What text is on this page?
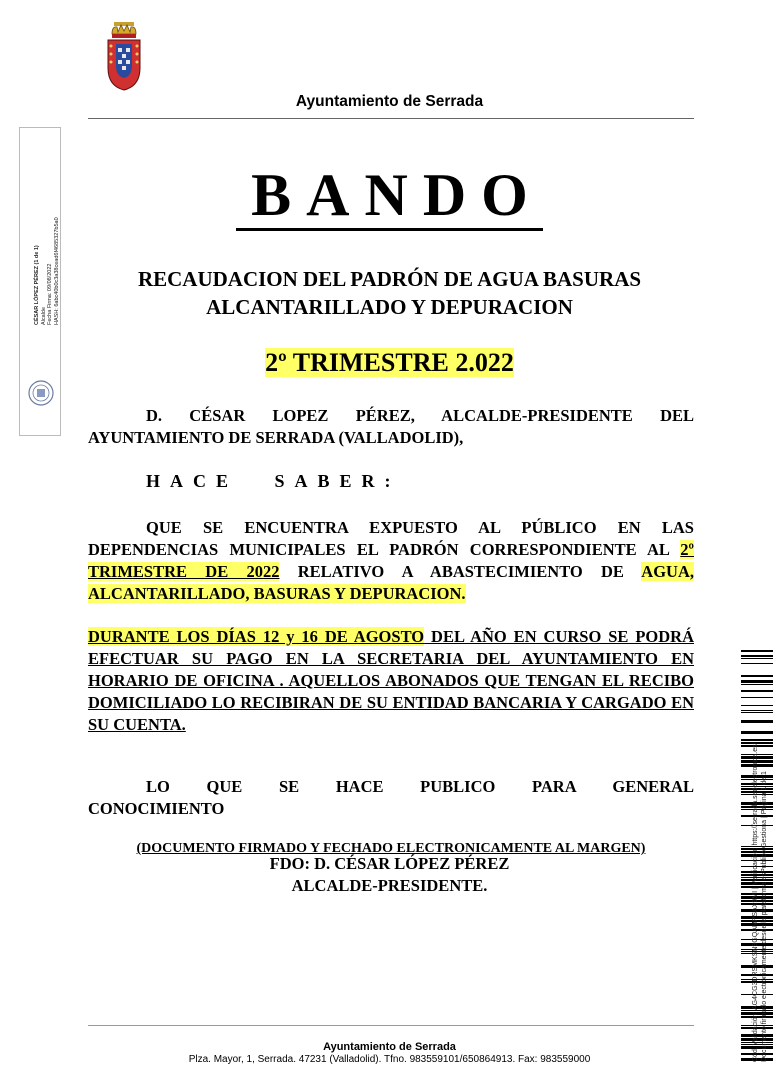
Ayuntamiento de Serrada
BANDO
RECAUDACION DEL PADRÓN DE AGUA BASURAS
ALCANTARILLADO Y DEPURACION
2º TRIMESTRE 2.022
D. CÉSAR LOPEZ PÉREZ, ALCALDE-PRESIDENTE DEL
AYUNTAMIENTO DE SERRADA (VALLADOLID),
HACE SABER:
QUE SE ENCUENTRA EXPUESTO AL PÚBLICO EN LAS DEPENDENCIAS MUNICIPALES EL PADRÓN CORRESPONDIENTE AL 2º TRIMESTRE DE 2022 RELATIVO A ABASTECIMIENTO DE AGUA, ALCANTARILLADO, BASURAS Y DEPURACION.
DURANTE LOS DÍAS 12 y 16 DE AGOSTO DEL AÑO EN CURSO SE PODRÁ EFECTUAR SU PAGO EN LA SECRETARIA DEL AYUNTAMIENTO EN HORARIO DE OFICINA . AQUELLOS ABONADOS QUE TENGAN EL RECIBO DOMICILIADO LO RECIBIRAN DE SU ENTIDAD BANCARIA Y CARGADO EN SU CUENTA.
LO QUE SE HACE PUBLICO PARA GENERAL
CONOCIMIENTO
(DOCUMENTO FIRMADO Y FECHADO ELECTRONICAMENTE AL MARGEN)
FDO: D. CÉSAR LÓPEZ PÉREZ
ALCALDE-PRESIDENTE.
Ayuntamiento de Serrada
Plza. Mayor, 1, Serrada. 47231 (Valladolid). Tfno. 983559101/650864913. Fax: 983559000
CÉSAR LÓPEZ PÉREZ (1 de 1) Alcalde Fecha Firma: 09/08/2022 HASH: 6abc40b0c3a38cead6f4685327b5a0
Cód. Validación: AG4CG3DRSMKSN9GQAMPSAX9MI | Verificación: https://serrada.sedelectronica.es/ Documento firmado electrónicamente desde la plataforma esPublico Gestiona | Página 1 de 1
